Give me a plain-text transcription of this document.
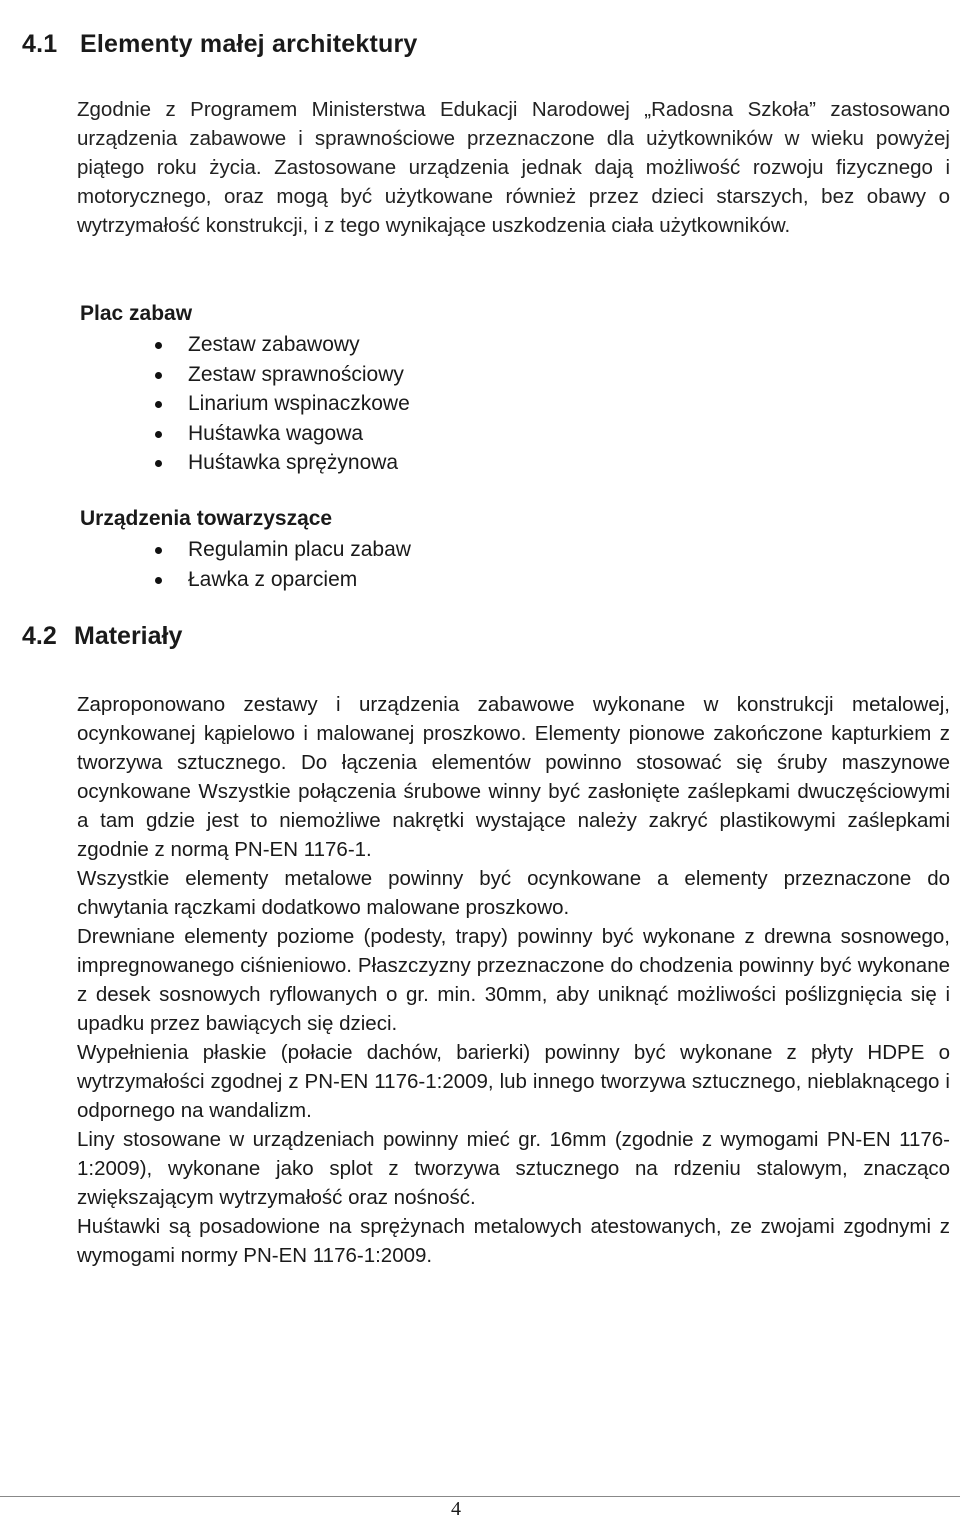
4.1 Elementy małej architektury

Zgodnie z Programem Ministerstwa Edukacji Narodowej „Radosna Szkoła” zastosowano urządzenia zabawowe i sprawnościowe przeznaczone dla użytkowników w wieku powyżej piątego roku życia. Zastosowane urządzenia jednak dają możliwość rozwoju fizycznego i motorycznego, oraz mogą być użytkowane również przez dzieci starszych, bez obawy o wytrzymałość konstrukcji, i z tego wynikające uszkodzenia ciała użytkowników.

Plac zabaw
Zestaw zabawowy
Zestaw sprawnościowy
Linarium wspinaczkowe
Huśtawka wagowa
Huśtawka sprężynowa
Urządzenia towarzyszące
Regulamin placu zabaw
Ławka z oparciem
4.2 Materiały

Zaproponowano zestawy i urządzenia zabawowe wykonane w konstrukcji metalowej, ocynkowanej kąpielowo i malowanej proszkowo. Elementy pionowe zakończone kapturkiem z tworzywa sztucznego. Do łączenia elementów powinno stosować się śruby maszynowe ocynkowane Wszystkie połączenia śrubowe winny być zasłonięte zaślepkami dwuczęściowymi a tam gdzie jest to niemożliwe nakrętki wystające należy zakryć plastikowymi zaślepkami zgodnie z normą PN-EN 1176-1.

Wszystkie elementy metalowe powinny być ocynkowane a elementy przeznaczone do chwytania rączkami dodatkowo malowane proszkowo.

Drewniane elementy poziome (podesty, trapy) powinny być wykonane z drewna sosnowego, impregnowanego ciśnieniowo. Płaszczyzny przeznaczone do chodzenia powinny być wykonane z desek sosnowych ryflowanych o gr. min. 30mm, aby uniknąć możliwości poślizgnięcia się i upadku przez bawiących się dzieci.

Wypełnienia płaskie (połacie dachów, barierki) powinny być wykonane z płyty HDPE o wytrzymałości zgodnej z PN-EN 1176-1:2009, lub innego tworzywa sztucznego, nieblaknącego i odpornego na wandalizm.

Liny stosowane w urządzeniach powinny mieć gr. 16mm (zgodnie z wymogami PN-EN 1176-1:2009), wykonane jako splot z tworzywa sztucznego na rdzeniu stalowym, znacząco zwiększającym wytrzymałość oraz nośność.

Huśtawki są posadowione na sprężynach metalowych atestowanych, ze zwojami zgodnymi z wymogami normy PN-EN 1176-1:2009.

4
